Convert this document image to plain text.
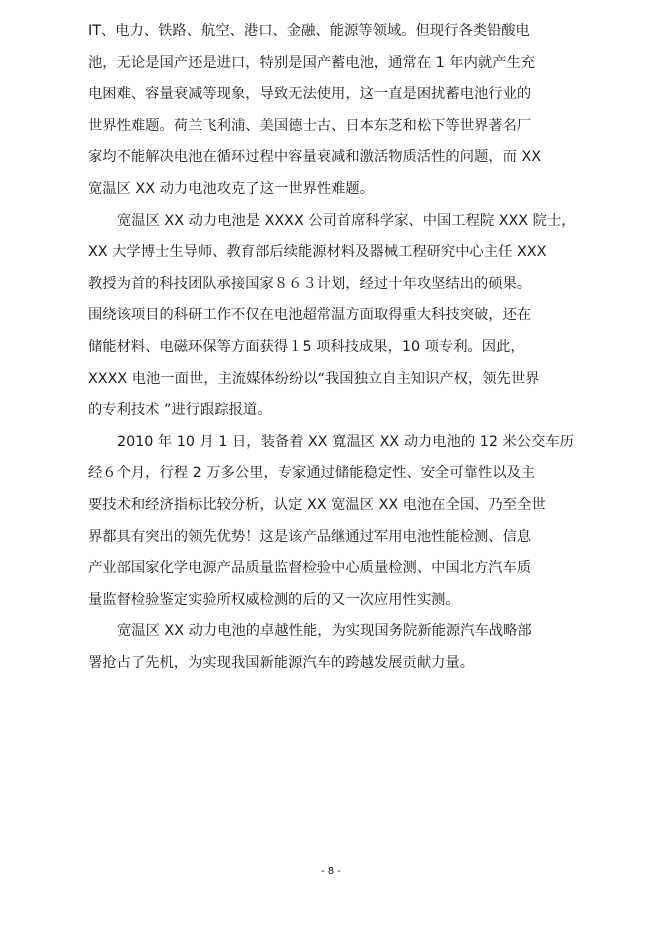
IT、电力、铁路、航空、港口、金融、能源等领域。但现行各类铅酸电
池，无论是国产还是进口，特别是国产蓄电池，通常在 1 年内就产生充
电困难、容量衰减等现象，导致无法使用，这一直是困扰蓄电池行业的
世界性难题。荷兰飞利浦、美国德士古、日本东芝和松下等世界著名厂
家均不能解决电池在循环过程中容量衰减和激活物质活性的问题，而 XX
宽温区 XX 动力电池攻克了这一世界性难题。
宽温区 XX 动力电池是 XXXX 公司首席科学家、中国工程院 XXX 院士，
XX 大学博士生导师、教育部后续能源材料及器械工程研究中心主任 XXX
教授为首的科技团队承接国家８６３计划，经过十年攻坚结出的硕果。
围绕该项目的科研工作不仅在电池超常温方面取得重大科技突破，还在
储能材料、电磁环保等方面获得１5 项科技成果，10 项专利。因此，
XXXX 电池一面世，主流媒体纷纷以“我国独立自主知识产权，领先世界
的专利技术 ”进行跟踪报道。
2010 年 10 月 1 日，装备着 XX 寬温区 XX 动力电池的 12 米公交车历
经６个月，行程 2 万多公里，专家通过储能稳定性、安全可靠性以及主
要技术和经济指标比较分析，认定 XX 宽温区 XX 电池在全国、乃至全世
界都具有突出的领先优势！这是该产品继通过军用电池性能检测、信息
产业部国家化学电源产品质量监督检验中心质量检测、中国北方汽车质
量监督检验鉴定实验所权威检测的后的又一次应用性实测。
宽温区 XX 动力电池的卓越性能，为实现国务院新能源汽车战略部
署抢占了先机，为实现我国新能源汽车的跨越发展贡献力量。
- 8 -
